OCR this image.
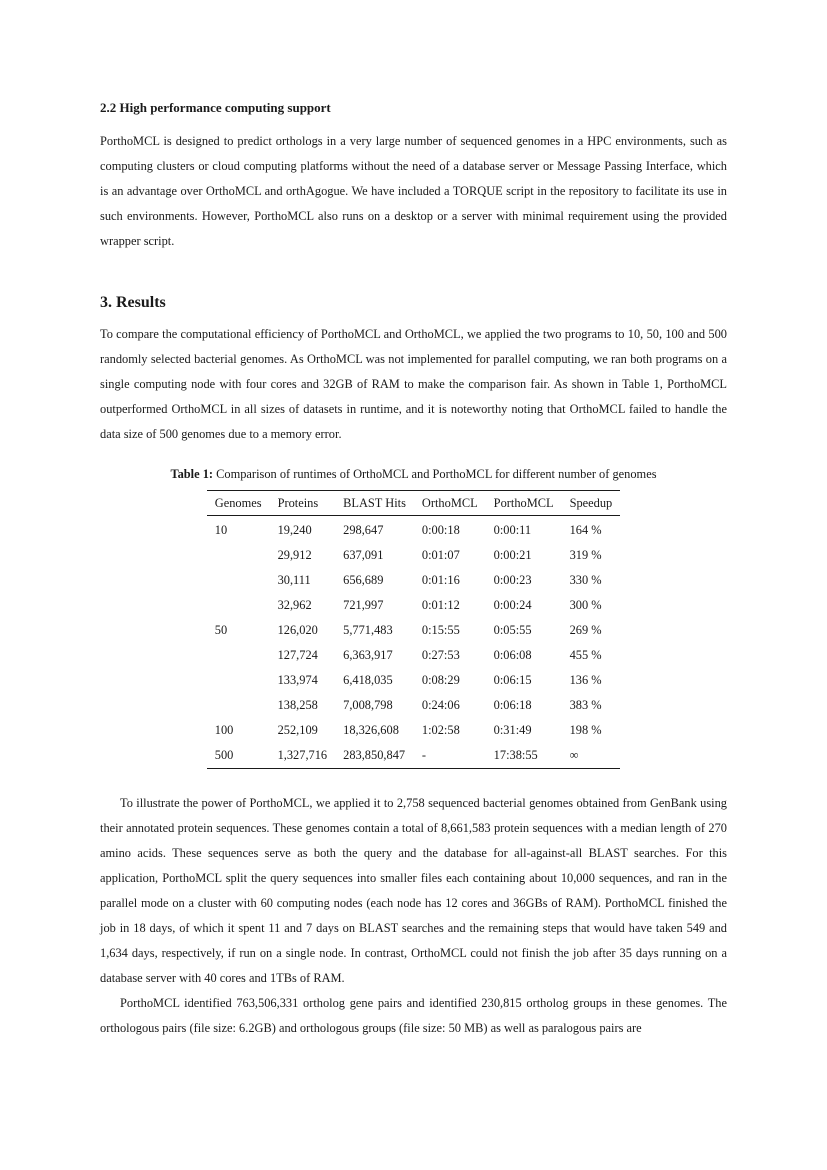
2.2 High performance computing support

PorthoMCL is designed to predict orthologs in a very large number of sequenced genomes in a HPC environments, such as computing clusters or cloud computing platforms without the need of a database server or Message Passing Interface, which is an advantage over OrthoMCL and orthAgogue. We have included a TORQUE script in the repository to facilitate its use in such environments. However, PorthoMCL also runs on a desktop or a server with minimal requirement using the provided wrapper script.

3. Results

To compare the computational efficiency of PorthoMCL and OrthoMCL, we applied the two programs to 10, 50, 100 and 500 randomly selected bacterial genomes. As OrthoMCL was not implemented for parallel computing, we ran both programs on a single computing node with four cores and 32GB of RAM to make the comparison fair. As shown in Table 1, PorthoMCL outperformed OrthoMCL in all sizes of datasets in runtime, and it is noteworthy noting that OrthoMCL failed to handle the data size of 500 genomes due to a memory error.

Table 1: Comparison of runtimes of OrthoMCL and PorthoMCL for different number of genomes
Genomes	Proteins	BLAST Hits	OrthoMCL	PorthoMCL	Speedup
10	19,240	298,647	0:00:18	0:00:11	164 %
	29,912	637,091	0:01:07	0:00:21	319 %
	30,111	656,689	0:01:16	0:00:23	330 %
	32,962	721,997	0:01:12	0:00:24	300 %
50	126,020	5,771,483	0:15:55	0:05:55	269 %
	127,724	6,363,917	0:27:53	0:06:08	455 %
	133,974	6,418,035	0:08:29	0:06:15	136 %
	138,258	7,008,798	0:24:06	0:06:18	383 %
100	252,109	18,326,608	1:02:58	0:31:49	198 %
500	1,327,716	283,850,847	-	17:38:55	∞

To illustrate the power of PorthoMCL, we applied it to 2,758 sequenced bacterial genomes obtained from GenBank using their annotated protein sequences. These genomes contain a total of 8,661,583 protein sequences with a median length of 270 amino acids. These sequences serve as both the query and the database for all-against-all BLAST searches. For this application, PorthoMCL split the query sequences into smaller files each containing about 10,000 sequences, and ran in the parallel mode on a cluster with 60 computing nodes (each node has 12 cores and 36GBs of RAM). PorthoMCL finished the job in 18 days, of which it spent 11 and 7 days on BLAST searches and the remaining steps that would have taken 549 and 1,634 days, respectively, if run on a single node. In contrast, OrthoMCL could not finish the job after 35 days running on a database server with 40 cores and 1TBs of RAM.

PorthoMCL identified 763,506,331 ortholog gene pairs and identified 230,815 ortholog groups in these genomes. The orthologous pairs (file size: 6.2GB) and orthologous groups (file size: 50 MB) as well as paralogous pairs are
